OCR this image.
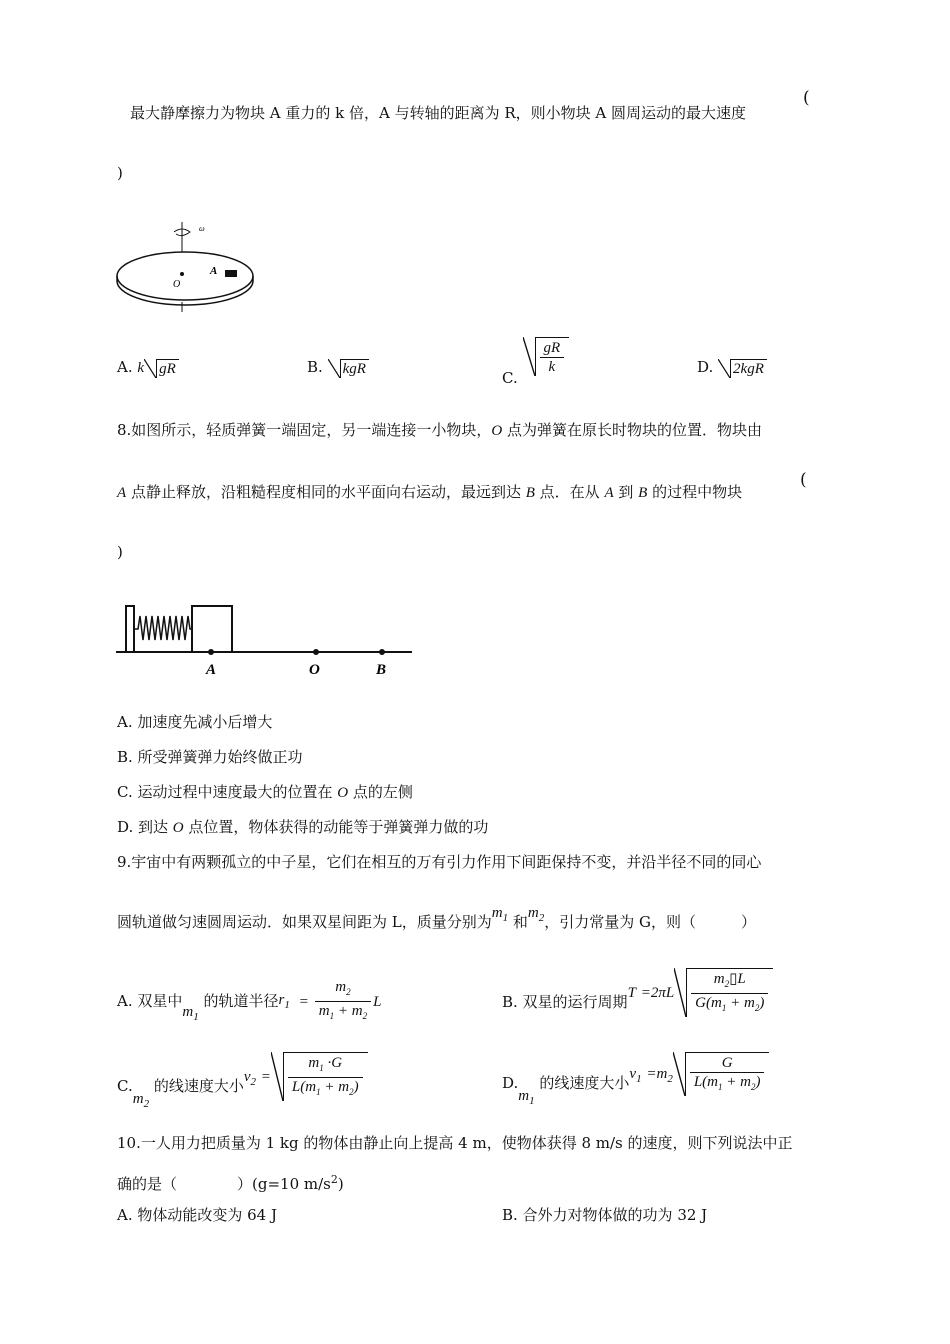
最大静摩擦力为物块 A 重力的 k 倍，A 与转轴的距离为 R，则小物块 A 圆周运动的最大速度
(
)
ω
A
O
A. k gR	B. kgR	C.
$\frac{gR}{k}$	D. 2kgR
8.如图所示，轻质弹簧一端固定，另一端连接一小物块，O 点为弹簧在原长时物块的位置．物块由
A 点静止释放，沿粗糙程度相同的水平面向右运动，最远到达 B 点．在从 A 到 B 的过程中物块
(
)
A	O	B
A. 加速度先减小后增大
B. 所受弹簧弹力始终做正功
C. 运动过程中速度最大的位置在 O 点的左侧
D. 到达 O 点位置，物体获得的动能等于弹簧弹力做的功
9.宇宙中有两颗孤立的中子星，它们在相互的万有引力作用下间距保持不变，并沿半径不同的同心
圆轨道做匀速圆周运动．如果双星间距为 L，质量分别为$m_1$ 和$m_2$，引力常量为 G，则（　　　）
A. 双星中$m_1$ 的轨道半径$r_1 = \frac{m_2}{m_1 + m_2}$ L	B. 双星的运行周期$T =2\pi L \frac{m_2▯L}{G(m_1 + m_2)}$
$C.m_2$ 的线速度大小$v_2 = \frac{m_1 \cdot G}{L(m_1 + m_2)}$	$D.m_1$ 的线速度大小$v_1 =m_2 \frac{G}{L(m_1 + m_2)}$
10.一人用力把质量为 1 kg 的物体由静止向上提高 4 m，使物体获得 8 m/s 的速度，则下列说法中正
确的是（　　　　）(g=10 $m/s^2$)
A. 物体动能改变为 64 J	B. 合外力对物体做的功为 32 J
